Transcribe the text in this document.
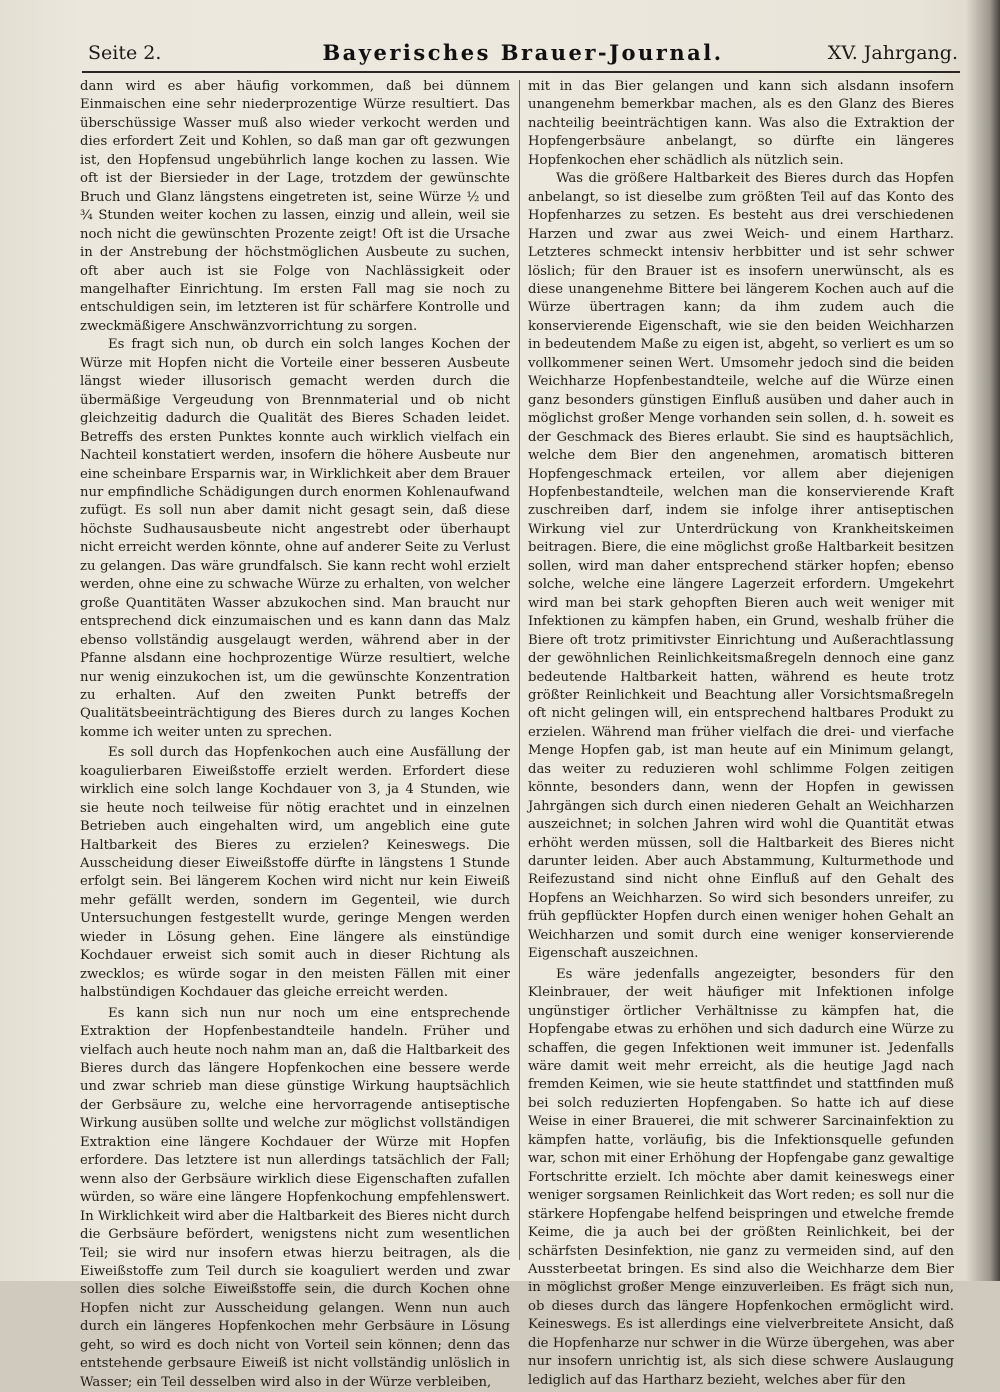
Seite 2.	Bayerisches Brauer-Journal.	XV. Jahrgang.

dann wird es aber häufig vorkommen, daß bei dünnem Einmaischen eine sehr niederprozentige Würze resultiert. Das überschüssige Wasser muß also wieder verkocht werden und dies erfordert Zeit und Kohlen, so daß man gar oft gezwungen ist, den Hopfensud ungebührlich lange kochen zu lassen. Wie oft ist der Biersieder in der Lage, trotzdem der gewünschte Bruch und Glanz längstens eingetreten ist, seine Würze ½ und ¾ Stunden weiter kochen zu lassen, einzig und allein, weil sie noch nicht die gewünschten Prozente zeigt! Oft ist die Ursache in der Anstrebung der höchstmöglichen Ausbeute zu suchen, oft aber auch ist sie Folge von Nachlässigkeit oder mangelhafter Einrichtung. Im ersten Fall mag sie noch zu entschuldigen sein, im letzteren ist für schärfere Kontrolle und zweckmäßigere Anschwänzvorrichtung zu sorgen.

Es fragt sich nun, ob durch ein solch langes Kochen der Würze mit Hopfen nicht die Vorteile einer besseren Ausbeute längst wieder illusorisch gemacht werden durch die übermäßige Vergeudung von Brennmaterial und ob nicht gleichzeitig dadurch die Qualität des Bieres Schaden leidet. Betreffs des ersten Punktes konnte auch wirklich vielfach ein Nachteil konstatiert werden, insofern die höhere Ausbeute nur eine scheinbare Ersparnis war, in Wirklichkeit aber dem Brauer nur empfindliche Schädigungen durch enormen Kohlenaufwand zufügt. Es soll nun aber damit nicht gesagt sein, daß diese höchste Sudhausausbeute nicht angestrebt oder überhaupt nicht erreicht werden könnte, ohne auf anderer Seite zu Verlust zu gelangen. Das wäre grundfalsch. Sie kann recht wohl erzielt werden, ohne eine zu schwache Würze zu erhalten, von welcher große Quantitäten Wasser abzukochen sind. Man braucht nur entsprechend dick einzumaischen und es kann dann das Malz ebenso vollständig ausgelaugt werden, während aber in der Pfanne alsdann eine hochprozentige Würze resultiert, welche nur wenig einzukochen ist, um die gewünschte Konzentration zu erhalten. Auf den zweiten Punkt betreffs der Qualitätsbeeinträchtigung des Bieres durch zu langes Kochen komme ich weiter unten zu sprechen.

Es soll durch das Hopfenkochen auch eine Ausfällung der koagulierbaren Eiweißstoffe erzielt werden. Erfordert diese wirklich eine solch lange Kochdauer von 3, ja 4 Stunden, wie sie heute noch teilweise für nötig erachtet und in einzelnen Betrieben auch eingehalten wird, um angeblich eine gute Haltbarkeit des Bieres zu erzielen? Keineswegs. Die Ausscheidung dieser Eiweißstoffe dürfte in längstens 1 Stunde erfolgt sein. Bei längerem Kochen wird nicht nur kein Eiweiß mehr gefällt werden, sondern im Gegenteil, wie durch Untersuchungen festgestellt wurde, geringe Mengen werden wieder in Lösung gehen. Eine längere als einstündige Kochdauer erweist sich somit auch in dieser Richtung als zwecklos; es würde sogar in den meisten Fällen mit einer halbstündigen Kochdauer das gleiche erreicht werden.

Es kann sich nun nur noch um eine entsprechende Extraktion der Hopfenbestandteile handeln. Früher und vielfach auch heute noch nahm man an, daß die Haltbarkeit des Bieres durch das längere Hopfenkochen eine bessere werde und zwar schrieb man diese günstige Wirkung hauptsächlich der Gerbsäure zu, welche eine hervorragende antiseptische Wirkung ausüben sollte und welche zur möglichst vollständigen Extraktion eine längere Kochdauer der Würze mit Hopfen erfordere. Das letztere ist nun allerdings tatsächlich der Fall; wenn also der Gerbsäure wirklich diese Eigenschaften zufallen würden, so wäre eine längere Hopfenkochung empfehlenswert. In Wirklichkeit wird aber die Haltbarkeit des Bieres nicht durch die Gerbsäure befördert, wenigstens nicht zum wesentlichen Teil; sie wird nur insofern etwas hierzu beitragen, als die Eiweißstoffe zum Teil durch sie koaguliert werden und zwar sollen dies solche Eiweißstoffe sein, die durch Kochen ohne Hopfen nicht zur Ausscheidung gelangen. Wenn nun auch durch ein längeres Hopfenkochen mehr Gerbsäure in Lösung geht, so wird es doch nicht von Vorteil sein können; denn das entstehende gerbsaure Eiweiß ist nicht vollständig unlöslich in Wasser; ein Teil desselben wird also in der Würze verbleiben,

mit in das Bier gelangen und kann sich alsdann insofern unangenehm bemerkbar machen, als es den Glanz des Bieres nachteilig beeinträchtigen kann. Was also die Extraktion der Hopfengerbsäure anbelangt, so dürfte ein längeres Hopfenkochen eher schädlich als nützlich sein.

Was die größere Haltbarkeit des Bieres durch das Hopfen anbelangt, so ist dieselbe zum größten Teil auf das Konto des Hopfenharzes zu setzen. Es besteht aus drei verschiedenen Harzen und zwar aus zwei Weich- und einem Hartharz. Letzteres schmeckt intensiv herbbitter und ist sehr schwer löslich; für den Brauer ist es insofern unerwünscht, als es diese unangenehme Bittere bei längerem Kochen auch auf die Würze übertragen kann; da ihm zudem auch die konservierende Eigenschaft, wie sie den beiden Weichharzen in bedeutendem Maße zu eigen ist, abgeht, so verliert es um so vollkommener seinen Wert. Umsomehr jedoch sind die beiden Weichharze Hopfenbestandteile, welche auf die Würze einen ganz besonders günstigen Einfluß ausüben und daher auch in möglichst großer Menge vorhanden sein sollen, d. h. soweit es der Geschmack des Bieres erlaubt. Sie sind es hauptsächlich, welche dem Bier den angenehmen, aromatisch bitteren Hopfengeschmack erteilen, vor allem aber diejenigen Hopfenbestandteile, welchen man die konservierende Kraft zuschreiben darf, indem sie infolge ihrer antiseptischen Wirkung viel zur Unterdrückung von Krankheitskeimen beitragen. Biere, die eine möglichst große Haltbarkeit besitzen sollen, wird man daher entsprechend stärker hopfen; ebenso solche, welche eine längere Lagerzeit erfordern. Umgekehrt wird man bei stark gehopften Bieren auch weit weniger mit Infektionen zu kämpfen haben, ein Grund, weshalb früher die Biere oft trotz primitivster Einrichtung und Außerachtlassung der gewöhnlichen Reinlichkeitsmaßregeln dennoch eine ganz bedeutende Haltbarkeit hatten, während es heute trotz größter Reinlichkeit und Beachtung aller Vorsichtsmaßregeln oft nicht gelingen will, ein entsprechend haltbares Produkt zu erzielen. Während man früher vielfach die drei- und vierfache Menge Hopfen gab, ist man heute auf ein Minimum gelangt, das weiter zu reduzieren wohl schlimme Folgen zeitigen könnte, besonders dann, wenn der Hopfen in gewissen Jahrgängen sich durch einen niederen Gehalt an Weichharzen auszeichnet; in solchen Jahren wird wohl die Quantität etwas erhöht werden müssen, soll die Haltbarkeit des Bieres nicht darunter leiden. Aber auch Abstammung, Kulturmethode und Reifezustand sind nicht ohne Einfluß auf den Gehalt des Hopfens an Weichharzen. So wird sich besonders unreifer, zu früh gepflückter Hopfen durch einen weniger hohen Gehalt an Weichharzen und somit durch eine weniger konservierende Eigenschaft auszeichnen.

Es wäre jedenfalls angezeigter, besonders für den Kleinbrauer, der weit häufiger mit Infektionen infolge ungünstiger örtlicher Verhältnisse zu kämpfen hat, die Hopfengabe etwas zu erhöhen und sich dadurch eine Würze zu schaffen, die gegen Infektionen weit immuner ist. Jedenfalls wäre damit weit mehr erreicht, als die heutige Jagd nach fremden Keimen, wie sie heute stattfindet und stattfinden muß bei solch reduzierten Hopfengaben. So hatte ich auf diese Weise in einer Brauerei, die mit schwerer Sarcinainfektion zu kämpfen hatte, vorläufig, bis die Infektionsquelle gefunden war, schon mit einer Erhöhung der Hopfengabe ganz gewaltige Fortschritte erzielt. Ich möchte aber damit keineswegs einer weniger sorgsamen Reinlichkeit das Wort reden; es soll nur die stärkere Hopfengabe helfend beispringen und etwelche fremde Keime, die ja auch bei der größten Reinlichkeit, bei der schärfsten Desinfektion, nie ganz zu vermeiden sind, auf den Aussterbeetat bringen. Es sind also die Weichharze dem Bier in möglichst großer Menge einzuverleiben. Es frägt sich nun, ob dieses durch das längere Hopfenkochen ermöglicht wird. Keineswegs. Es ist allerdings eine vielverbreitete Ansicht, daß die Hopfenharze nur schwer in die Würze übergehen, was aber nur insofern unrichtig ist, als sich diese schwere Auslaugung lediglich auf das Hartharz bezieht, welches aber für den
